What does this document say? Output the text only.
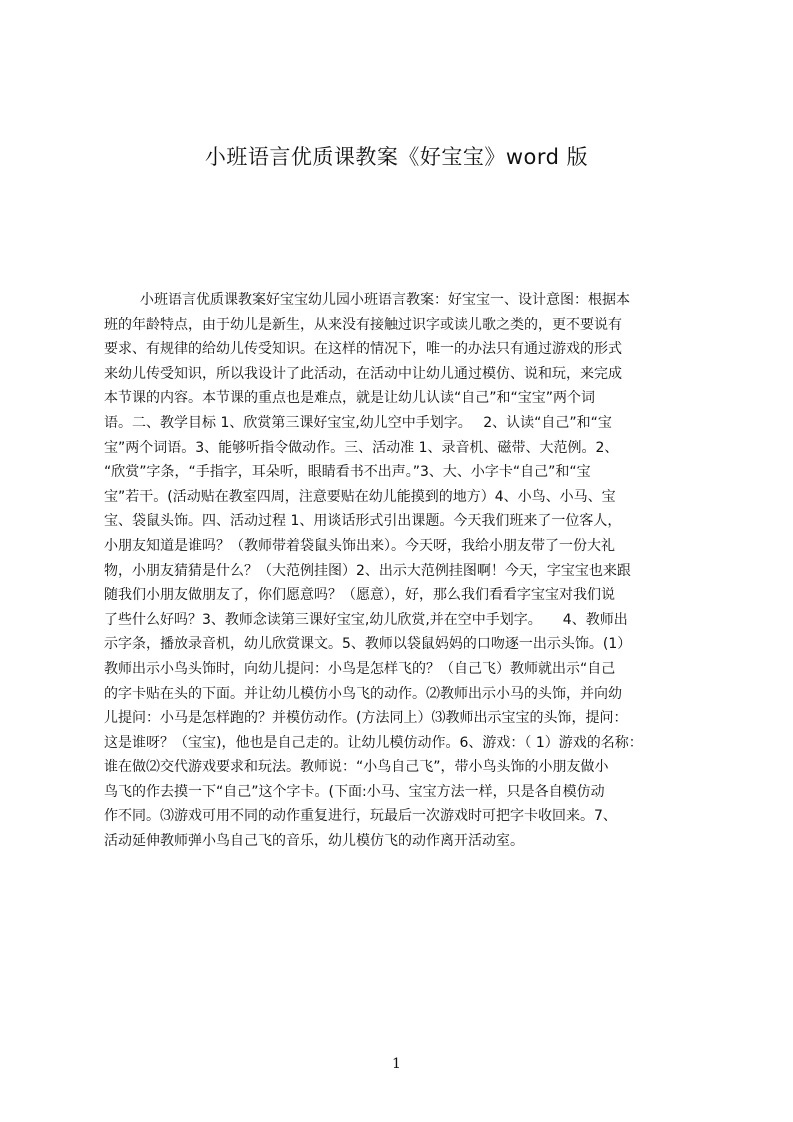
小班语言优质课教案《好宝宝》word 版
小班语言优质课教案好宝宝幼儿园小班语言教案：好宝宝一、设计意图：根据本
班的年龄特点，由于幼儿是新生，从来没有接触过识字或读儿歌之类的，更不要说有
要求、有规律的给幼儿传受知识。在这样的情况下，唯一的办法只有通过游戏的形式
来幼儿传受知识，所以我设计了此活动，在活动中让幼儿通过模仿、说和玩，来完成
本节课的内容。本节课的重点也是难点，就是让幼儿认读“自己”和“宝宝”两个词
语。二、教学目标 1、欣赏第三课好宝宝,幼儿空中手划字。　 2、认读“自己”和“宝
宝”两个词语。3、能够听指令做动作。三、活动准 1、录音机、磁带、大范例。2、
“欣赏”字条，“手指字，耳朵听，眼睛看书不出声。”3、大、小字卡“自己”和“宝
宝”若干。(活动贴在教室四周，注意要贴在幼儿能摸到的地方）4、小鸟、小马、宝
宝、袋鼠头饰。四、活动过程 1、用谈话形式引出课题。今天我们班来了一位客人，
小朋友知道是谁吗？（教师带着袋鼠头饰出来）。今天呀，我给小朋友带了一份大礼
物，小朋友猜猜是什么？（大范例挂图）2、出示大范例挂图啊！今天，字宝宝也来跟
随我们小朋友做朋友了，你们愿意吗？（愿意），好，那么我们看看字宝宝对我们说
了些什么好吗？3、教师念读第三课好宝宝,幼儿欣赏,并在空中手划字。　　4、教师出
示字条，播放录音机，幼儿欣赏课文。5、教师以袋鼠妈妈的口吻逐一出示头饰。(1）
教师出示小鸟头饰时，向幼儿提问：小鸟是怎样飞的？（自己飞）教师就出示“自己
的字卡贴在头的下面。并让幼儿模仿小鸟飞的动作。⑵教师出示小马的头饰，并向幼
儿提问：小马是怎样跑的？并模仿动作。(方法同上）⑶教师出示宝宝的头饰，提问：
这是谁呀？（宝宝)，他也是自己走的。让幼儿模仿动作。6、游戏：（ 1）游戏的名称：
谁在做⑵交代游戏要求和玩法。教师说：“小鸟自己飞”，带小鸟头饰的小朋友做小
鸟飞的作去摸一下“自己”这个字卡。(下面:小马、宝宝方法一样，只是各自模仿动
作不同。⑶游戏可用不同的动作重复进行，玩最后一次游戏时可把字卡收回来。7、
活动延伸教师弹小鸟自己飞的音乐，幼儿模仿飞的动作离开活动室。
1
